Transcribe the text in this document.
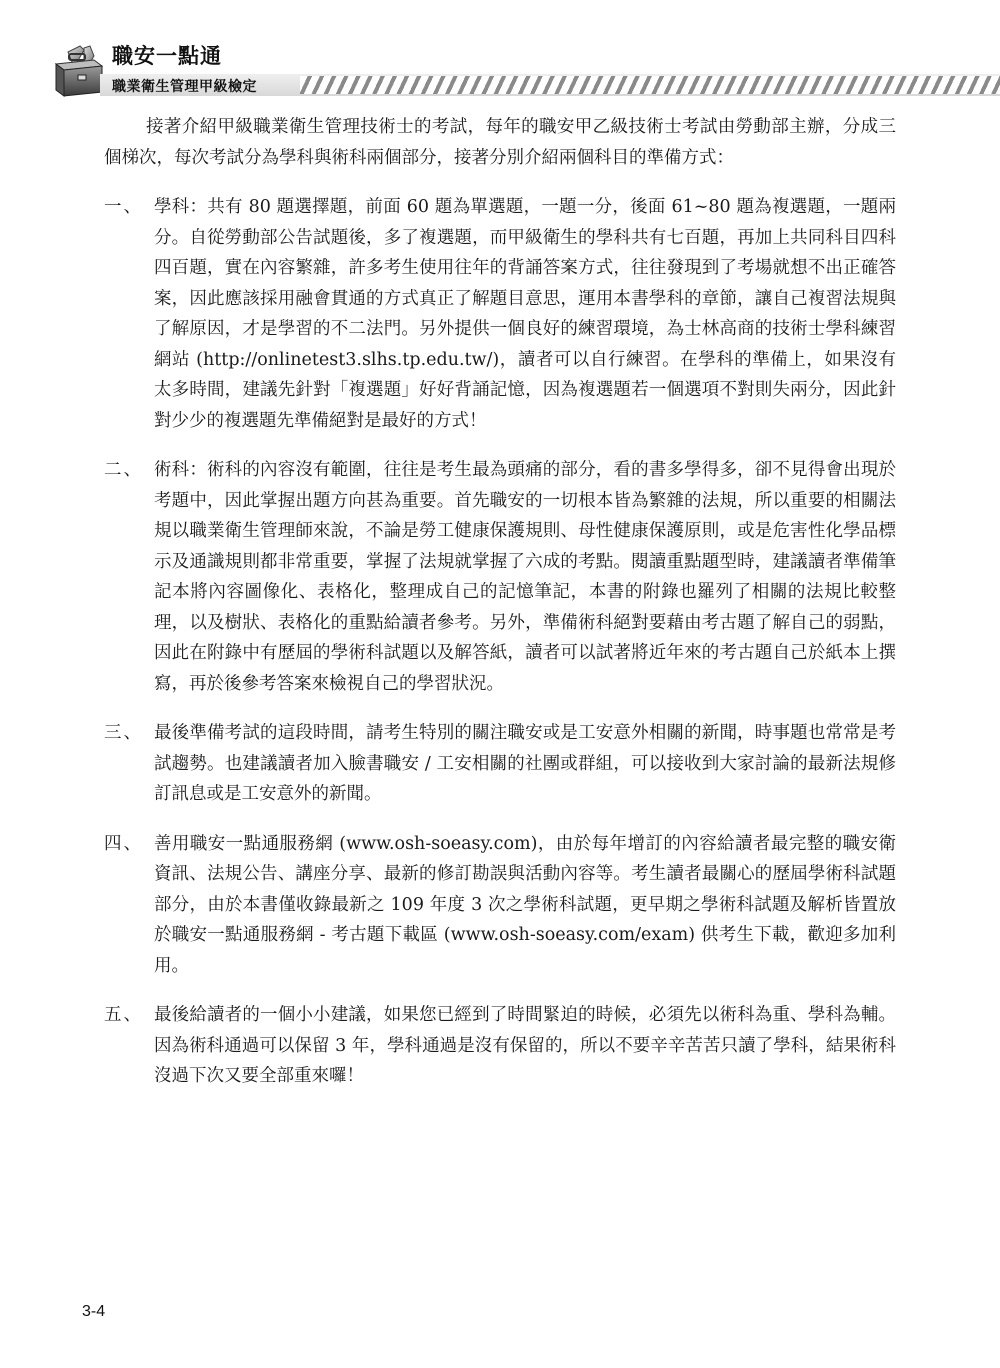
職安一點通
職業衛生管理甲級檢定

接著介紹甲級職業衛生管理技術士的考試，每年的職安甲乙級技術士考試由勞動部主辦，分成三個梯次，每次考試分為學科與術科兩個部分，接著分別介紹兩個科目的準備方式：

一、 學科：共有 80 題選擇題，前面 60 題為單選題，一題一分，後面 61~80 題為複選題，一題兩分。自從勞動部公告試題後，多了複選題，而甲級衛生的學科共有七百題，再加上共同科目四科四百題，實在內容繁雜，許多考生使用往年的背誦答案方式，往往發現到了考場就想不出正確答案，因此應該採用融會貫通的方式真正了解題目意思，運用本書學科的章節，讓自己複習法規與了解原因，才是學習的不二法門。另外提供一個良好的練習環境，為士林高商的技術士學科練習網站 (http://onlinetest3.slhs.tp.edu.tw/)，讀者可以自行練習。在學科的準備上，如果沒有太多時間，建議先針對「複選題」好好背誦記憶，因為複選題若一個選項不對則失兩分，因此針對少少的複選題先準備絕對是最好的方式！
二、 術科：術科的內容沒有範圍，往往是考生最為頭痛的部分，看的書多學得多，卻不見得會出現於考題中，因此掌握出題方向甚為重要。首先職安的一切根本皆為繁雜的法規，所以重要的相關法規以職業衛生管理師來說，不論是勞工健康保護規則、母性健康保護原則，或是危害性化學品標示及通識規則都非常重要，掌握了法規就掌握了六成的考點。閱讀重點題型時，建議讀者準備筆記本將內容圖像化、表格化，整理成自己的記憶筆記，本書的附錄也羅列了相關的法規比較整理，以及樹狀、表格化的重點給讀者參考。另外，準備術科絕對要藉由考古題了解自己的弱點，因此在附錄中有歷屆的學術科試題以及解答紙，讀者可以試著將近年來的考古題自己於紙本上撰寫，再於後參考答案來檢視自己的學習狀況。
三、 最後準備考試的這段時間，請考生特別的關注職安或是工安意外相關的新聞，時事題也常常是考試趨勢。也建議讀者加入臉書職安 / 工安相關的社團或群組，可以接收到大家討論的最新法規修訂訊息或是工安意外的新聞。
四、 善用職安一點通服務網 (www.osh-soeasy.com)，由於每年增訂的內容給讀者最完整的職安衛資訊、法規公告、講座分享、最新的修訂勘誤與活動內容等。考生讀者最關心的歷屆學術科試題部分，由於本書僅收錄最新之 109 年度 3 次之學術科試題，更早期之學術科試題及解析皆置放於職安一點通服務網 - 考古題下載區 (www.osh-soeasy.com/exam) 供考生下載，歡迎多加利用。
五、 最後給讀者的一個小小建議，如果您已經到了時間緊迫的時候，必須先以術科為重、學科為輔。因為術科通過可以保留 3 年，學科通過是沒有保留的，所以不要辛辛苦苦只讀了學科，結果術科沒過下次又要全部重來囉！
3-4
